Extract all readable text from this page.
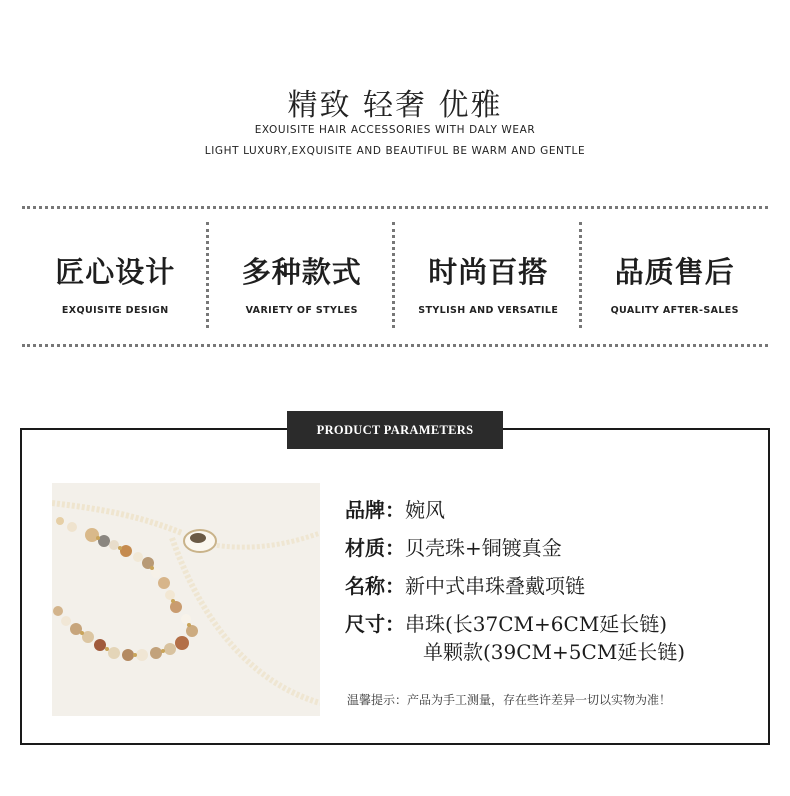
精致 轻奢 优雅
EXOUISITE HAIR ACCESSORIES WITH DALY WEAR
LIGHT LUXURY,EXQUISITE AND BEAUTIFUL BE WARM AND GENTLE
匠心设计
EXQUISITE DESIGN
多种款式
VARIETY OF STYLES
时尚百搭
STYLISH AND VERSATILE
品质售后
QUALITY AFTER-SALES
PRODUCT PARAMETERS
品牌：婉风
材质：贝壳珠+铜镀真金
名称：新中式串珠叠戴项链
尺寸：串珠(长37CM+6CM延长链)
单颗款(39CM+5CM延长链)
温馨提示：产品为手工测量，存在些许差异一切以实物为准！
